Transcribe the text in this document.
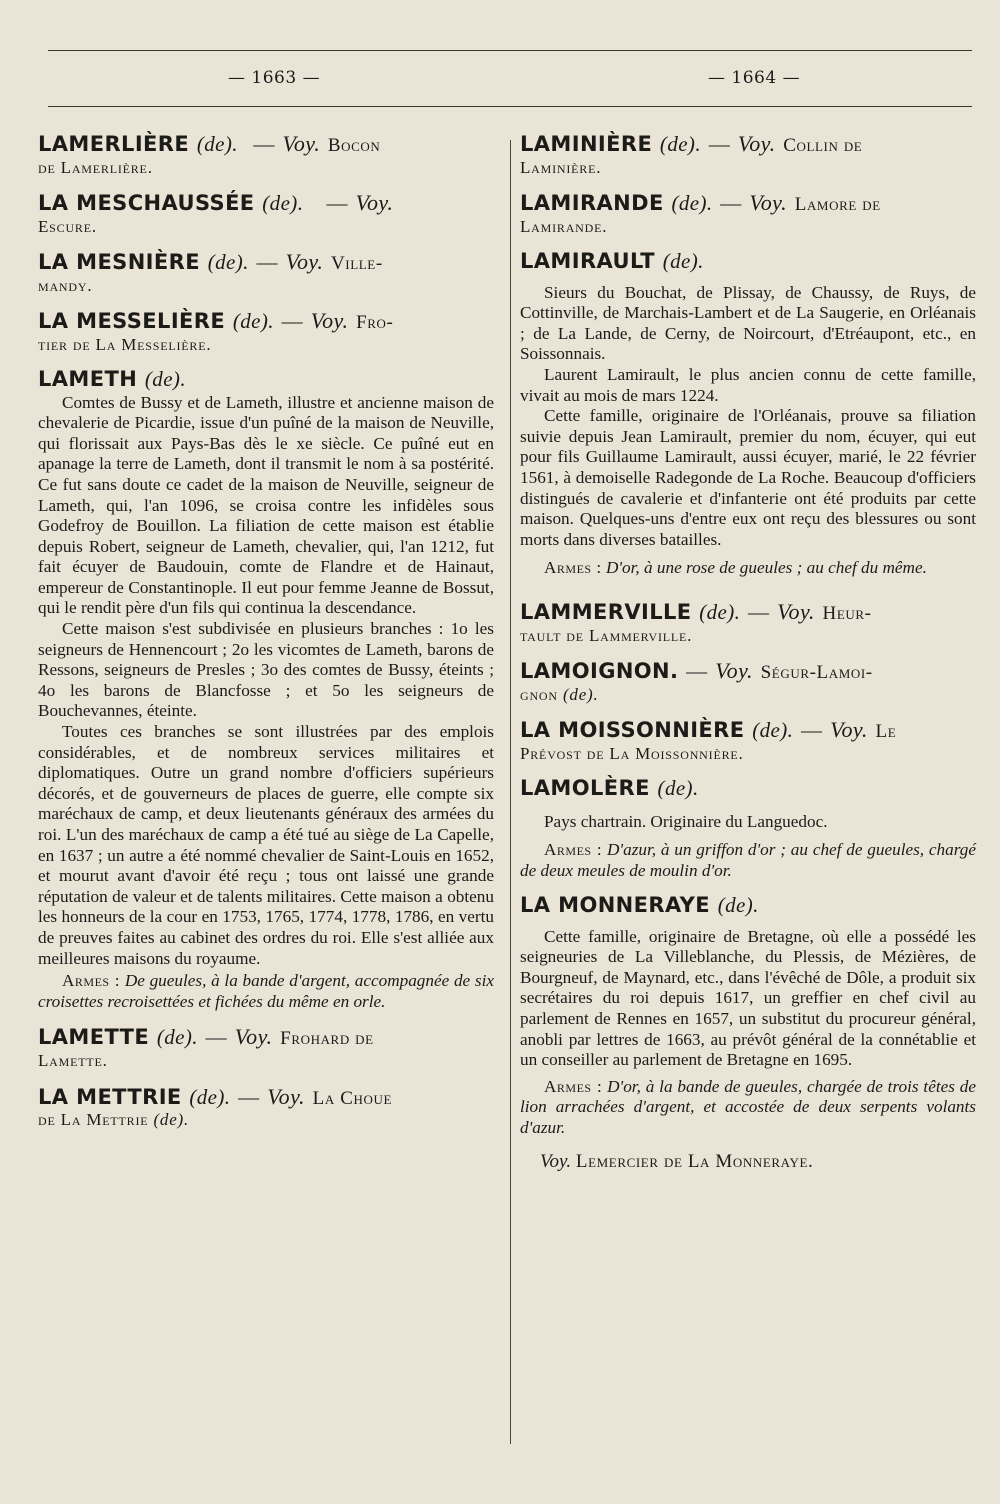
— 1663 —	— 1664 —
LAMERLIÈRE (de). — Voy. Bocon
de Lamerlière.
LA MESCHAUSSÉE (de). — Voy.
Escure.
LA MESNIÈRE (de). — Voy. Ville-
mandy.
LA MESSELIÈRE (de). — Voy. Fro-
tier de La Messelière.
LAMETH (de).

Comtes de Bussy et de Lameth, illustre et ancienne maison de chevalerie de Picardie, issue d'un puîné de la maison de Neuville, qui florissait aux Pays-Bas dès le xe siècle. Ce puîné eut en apanage la terre de Lameth, dont il transmit le nom à sa postérité. Ce fut sans doute ce cadet de la maison de Neuville, seigneur de Lameth, qui, l'an 1096, se croisa contre les infidèles sous Godefroy de Bouillon. La filiation de cette maison est établie depuis Robert, seigneur de Lameth, chevalier, qui, l'an 1212, fut fait écuyer de Baudouin, comte de Flandre et de Hainaut, empereur de Constantinople. Il eut pour femme Jeanne de Bossut, qui le rendit père d'un fils qui continua la descendance.

Cette maison s'est subdivisée en plusieurs branches : 1o les seigneurs de Hennencourt ; 2o les vicomtes de Lameth, barons de Ressons, seigneurs de Presles ; 3o des comtes de Bussy, éteints ; 4o les barons de Blancfosse ; et 5o les seigneurs de Bouchevannes, éteinte.

Toutes ces branches se sont illustrées par des emplois considérables, et de nombreux services militaires et diplomatiques. Outre un grand nombre d'officiers supérieurs décorés, et de gouverneurs de places de guerre, elle compte six maréchaux de camp, et deux lieutenants généraux des armées du roi. L'un des maréchaux de camp a été tué au siège de La Capelle, en 1637 ; un autre a été nommé chevalier de Saint-Louis en 1652, et mourut avant d'avoir été reçu ; tous ont laissé une grande réputation de valeur et de talents militaires. Cette maison a obtenu les honneurs de la cour en 1753, 1765, 1774, 1778, 1786, en vertu de preuves faites au cabinet des ordres du roi. Elle s'est alliée aux meilleures maisons du royaume.

Armes : De gueules, à la bande d'argent, accompagnée de six croisettes recroisettées et fichées du même en orle.

LAMETTE (de). — Voy. Frohard de
Lamette.
LA METTRIE (de). — Voy. La Choue
de La Mettrie (de).
LAMINIÈRE (de). — Voy. Collin de
Laminière.
LAMIRANDE (de). — Voy. Lamore de
Lamirande.
LAMIRAULT (de).

Sieurs du Bouchat, de Plissay, de Chaussy, de Ruys, de Cottinville, de Marchais-Lambert et de La Saugerie, en Orléanais ; de La Lande, de Cerny, de Noircourt, d'Etréaupont, etc., en Soissonnais.

Laurent Lamirault, le plus ancien connu de cette famille, vivait au mois de mars 1224.

Cette famille, originaire de l'Orléanais, prouve sa filiation suivie depuis Jean Lamirault, premier du nom, écuyer, qui eut pour fils Guillaume Lamirault, aussi écuyer, marié, le 22 février 1561, à demoiselle Radegonde de La Roche. Beaucoup d'officiers distingués de cavalerie et d'infanterie ont été produits par cette maison. Quelques-uns d'entre eux ont reçu des blessures ou sont morts dans diverses batailles.

Armes : D'or, à une rose de gueules ; au chef du même.

LAMMERVILLE (de). — Voy. Heur-
tault de Lammerville.
LAMOIGNON. — Voy. Ségur-Lamoi-
gnon (de).
LA MOISSONNIÈRE (de). — Voy. Le
Prévost de La Moissonnière.
LAMOLÈRE (de).

Pays chartrain. Originaire du Languedoc.

Armes : D'azur, à un griffon d'or ; au chef de gueules, chargé de deux meules de moulin d'or.

LA MONNERAYE (de).

Cette famille, originaire de Bretagne, où elle a possédé les seigneuries de La Villeblanche, du Plessis, de Mézières, de Bourgneuf, de Maynard, etc., dans l'évêché de Dôle, a produit six secrétaires du roi depuis 1617, un greffier en chef civil au parlement de Rennes en 1657, un substitut du procureur général, anobli par lettres de 1663, au prévôt général de la connétablie et un conseiller au parlement de Bretagne en 1695.

Armes : D'or, à la bande de gueules, chargée de trois têtes de lion arrachées d'argent, et accostée de deux serpents volants d'azur.

Voy. Lemercier de La Monneraye.
